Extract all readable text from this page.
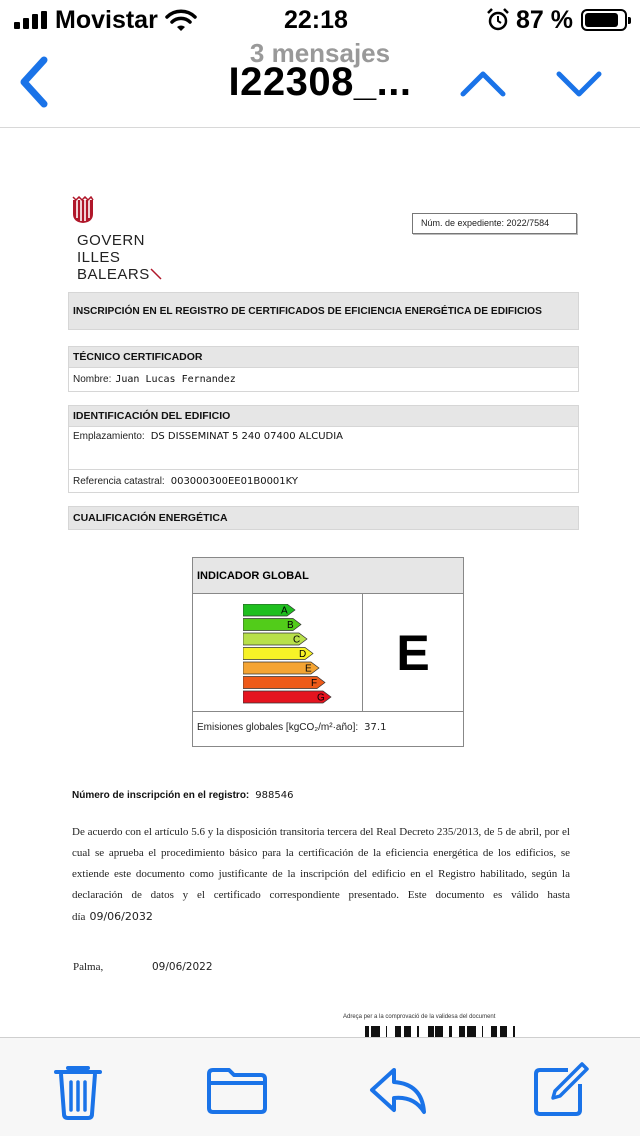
Movistar	22:18	87 %
3 mensajes
I22308_...
GOVERN
ILLES
BALEARS
Núm. de expediente: 2022/7584
INSCRIPCIÓN EN EL REGISTRO DE CERTIFICADOS DE EFICIENCIA ENERGÉTICA DE EDIFICIOS
TÉCNICO CERTIFICADOR
Nombre: Juan Lucas Fernandez
IDENTIFICACIÓN DEL EDIFICIO
Emplazamiento: DS DISSEMINAT 5 240 07400 ALCUDIA
Referencia catastral: 003000300EE01B0001KY
CUALIFICACIÓN ENERGÉTICA
INDICADOR GLOBAL
A
B
C
D
E
F
G
E
Emisiones globales [kgCO₂/m²·año]: 37.1
Número de inscripción en el registro: 988546
De acuerdo con el artículo 5.6 y la disposición transitoria tercera del Real Decreto 235/2013, de 5 de abril, por el cual se aprueba el procedimiento básico para la certificación de la eficiencia energética de los edificios, se extiende este documento como justificante de la inscripción del edificio en el Registro habilitado, según la declaración de datos y el certificado correspondiente presentado. Este documento es válido hasta día 09/06/2032
Palma,	09/06/2022
Adreça per a la comprovació de la validesa del document
